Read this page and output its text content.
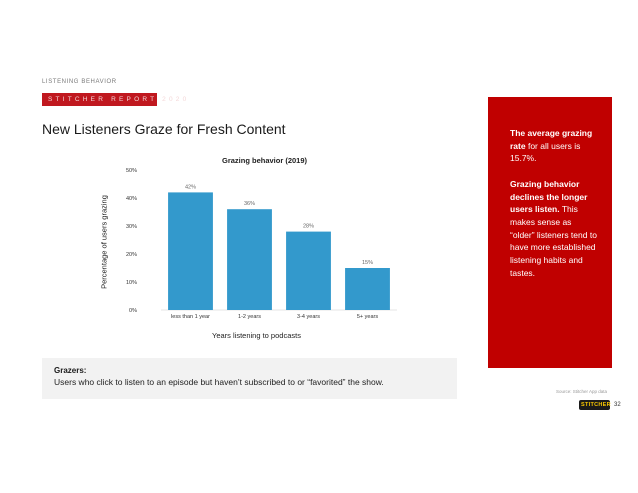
LISTENING BEHAVIOR
STITCHER REPORT 2020
New Listeners Graze for Fresh Content
Grazing behavior (2019)
Percentage of users grazing
0%
10%
20%
30%
40%
50%
42%
less than 1 year
36%
1-2 years
28%
3-4 years
15%
5+ years
Years listening to podcasts
Grazers:
Users who click to listen to an episode but haven’t subscribed to or “favorited” the show.

The average grazing rate for all users is 15.7%.

Grazing behavior declines the longer users listen. This makes sense as “older” listeners tend to have more established listening habits and tastes.

Source: Stitcher App data
STITCHER 32
